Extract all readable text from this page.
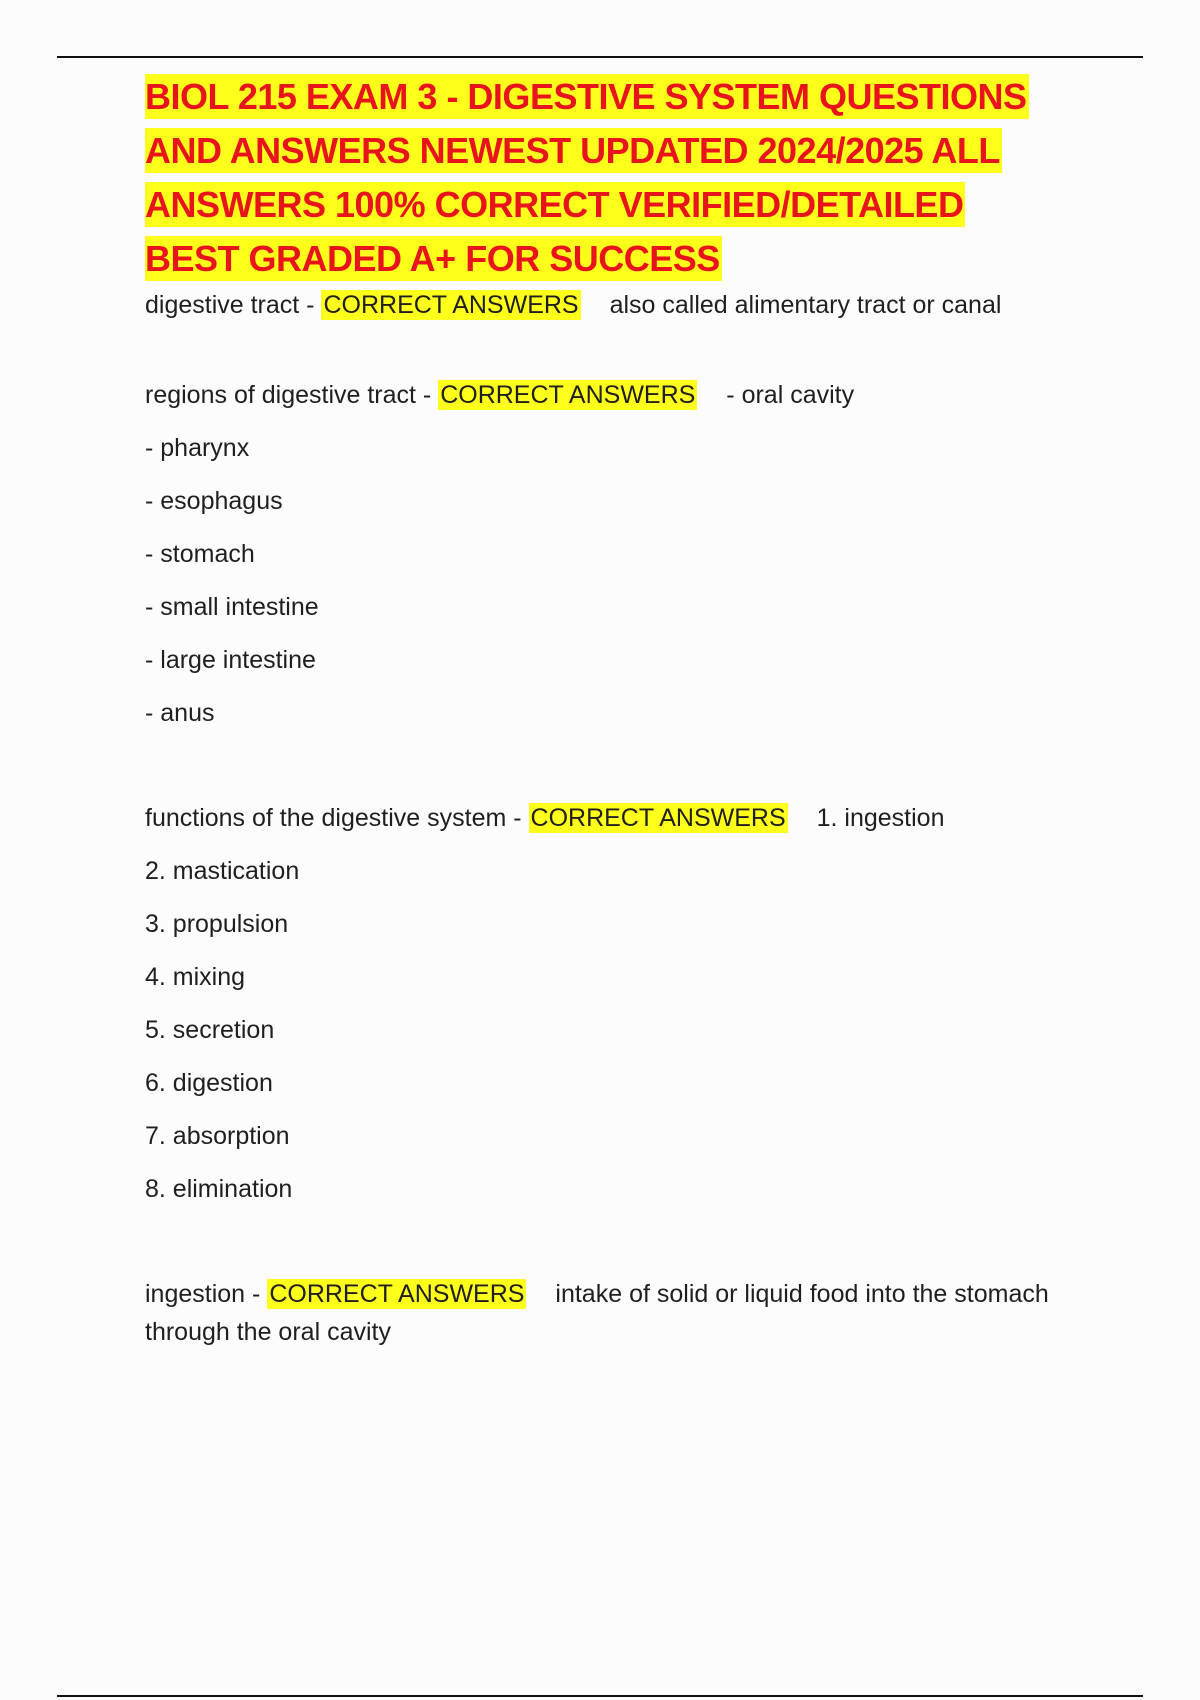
BIOL 215 EXAM 3 - DIGESTIVE SYSTEM QUESTIONS AND ANSWERS NEWEST UPDATED 2024/2025 ALL ANSWERS 100% CORRECT VERIFIED/DETAILED BEST GRADED A+ FOR SUCCESS

digestive tract - CORRECT ANSWERS also called alimentary tract or canal

regions of digestive tract - CORRECT ANSWERS - oral cavity

- pharynx

- esophagus

- stomach

- small intestine

- large intestine

- anus

functions of the digestive system - CORRECT ANSWERS 1. ingestion

2. mastication

3. propulsion

4. mixing

5. secretion

6. digestion

7. absorption

8. elimination

ingestion - CORRECT ANSWERS intake of solid or liquid food into the stomach through the oral cavity
